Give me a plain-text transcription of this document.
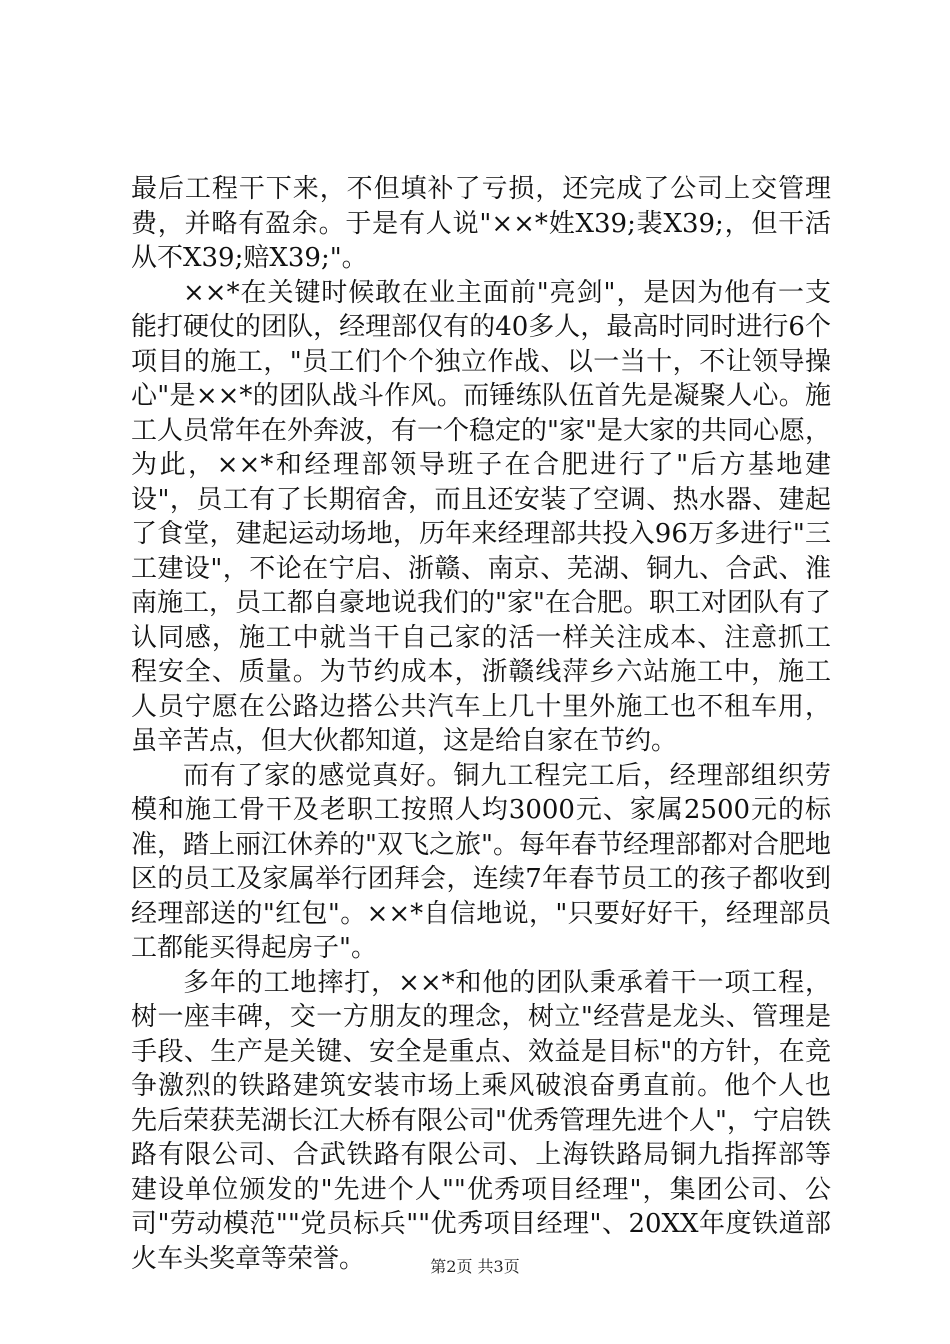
最后工程干下来，不但填补了亏损，还完成了公司上交管理费，并略有盈余。于是有人说"××*姓X39;裴X39;，但干活从不X39;赔X39;"。

××*在关键时候敢在业主面前"亮剑"，是因为他有一支能打硬仗的团队，经理部仅有的40多人，最高时同时进行6个项目的施工，"员工们个个独立作战、以一当十，不让领导操心"是××*的团队战斗作风。而锤练队伍首先是凝聚人心。施工人员常年在外奔波，有一个稳定的"家"是大家的共同心愿，为此，××*和经理部领导班子在合肥进行了"后方基地建设"，员工有了长期宿舍，而且还安装了空调、热水器、建起了食堂，建起运动场地，历年来经理部共投入96万多进行"三工建设"，不论在宁启、浙赣、南京、芜湖、铜九、合武、淮南施工，员工都自豪地说我们的"家"在合肥。职工对团队有了认同感，施工中就当干自己家的活一样关注成本、注意抓工程安全、质量。为节约成本，浙赣线萍乡六站施工中，施工人员宁愿在公路边搭公共汽车上几十里外施工也不租车用，虽辛苦点，但大伙都知道，这是给自家在节约。

而有了家的感觉真好。铜九工程完工后，经理部组织劳模和施工骨干及老职工按照人均3000元、家属2500元的标准，踏上丽江休养的"双飞之旅"。每年春节经理部都对合肥地区的员工及家属举行团拜会，连续7年春节员工的孩子都收到经理部送的"红包"。××*自信地说，"只要好好干，经理部员工都能买得起房子"。

多年的工地摔打，××*和他的团队秉承着干一项工程，树一座丰碑，交一方朋友的理念，树立"经营是龙头、管理是手段、生产是关键、安全是重点、效益是目标"的方针，在竞争激烈的铁路建筑安装市场上乘风破浪奋勇直前。他个人也先后荣获芜湖长江大桥有限公司"优秀管理先进个人"，宁启铁路有限公司、合武铁路有限公司、上海铁路局铜九指挥部等建设单位颁发的"先进个人""优秀项目经理"，集团公司、公司"劳动模范""党员标兵""优秀项目经理"、20XX年度铁道部火车头奖章等荣誉。	第2页 共3页
